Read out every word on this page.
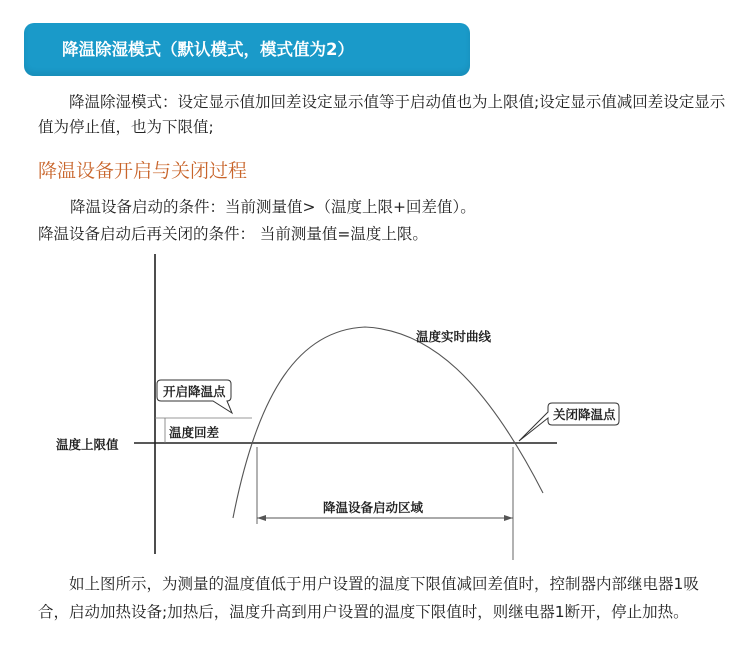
降温除湿模式（默认模式，模式值为2）

降温除湿模式：设定显示值加回差设定显示值等于启动值也为上限值;设定显示值减回差设定显示值为停止值，也为下限值;

降温设备开启与关闭过程
降温设备启动的条件：当前测量值>（温度上限+回差值）。
降温设备启动后再关闭的条件： 当前测量值=温度上限。
温度实时曲线
开启降温点
关闭降温点
温度回差
温度上限值
降温设备启动区域

如上图所示，为测量的温度值低于用户设置的温度下限值减回差值时，控制器内部继电器1吸合，启动加热设备;加热后，温度升高到用户设置的温度下限值时，则继电器1断开，停止加热。
